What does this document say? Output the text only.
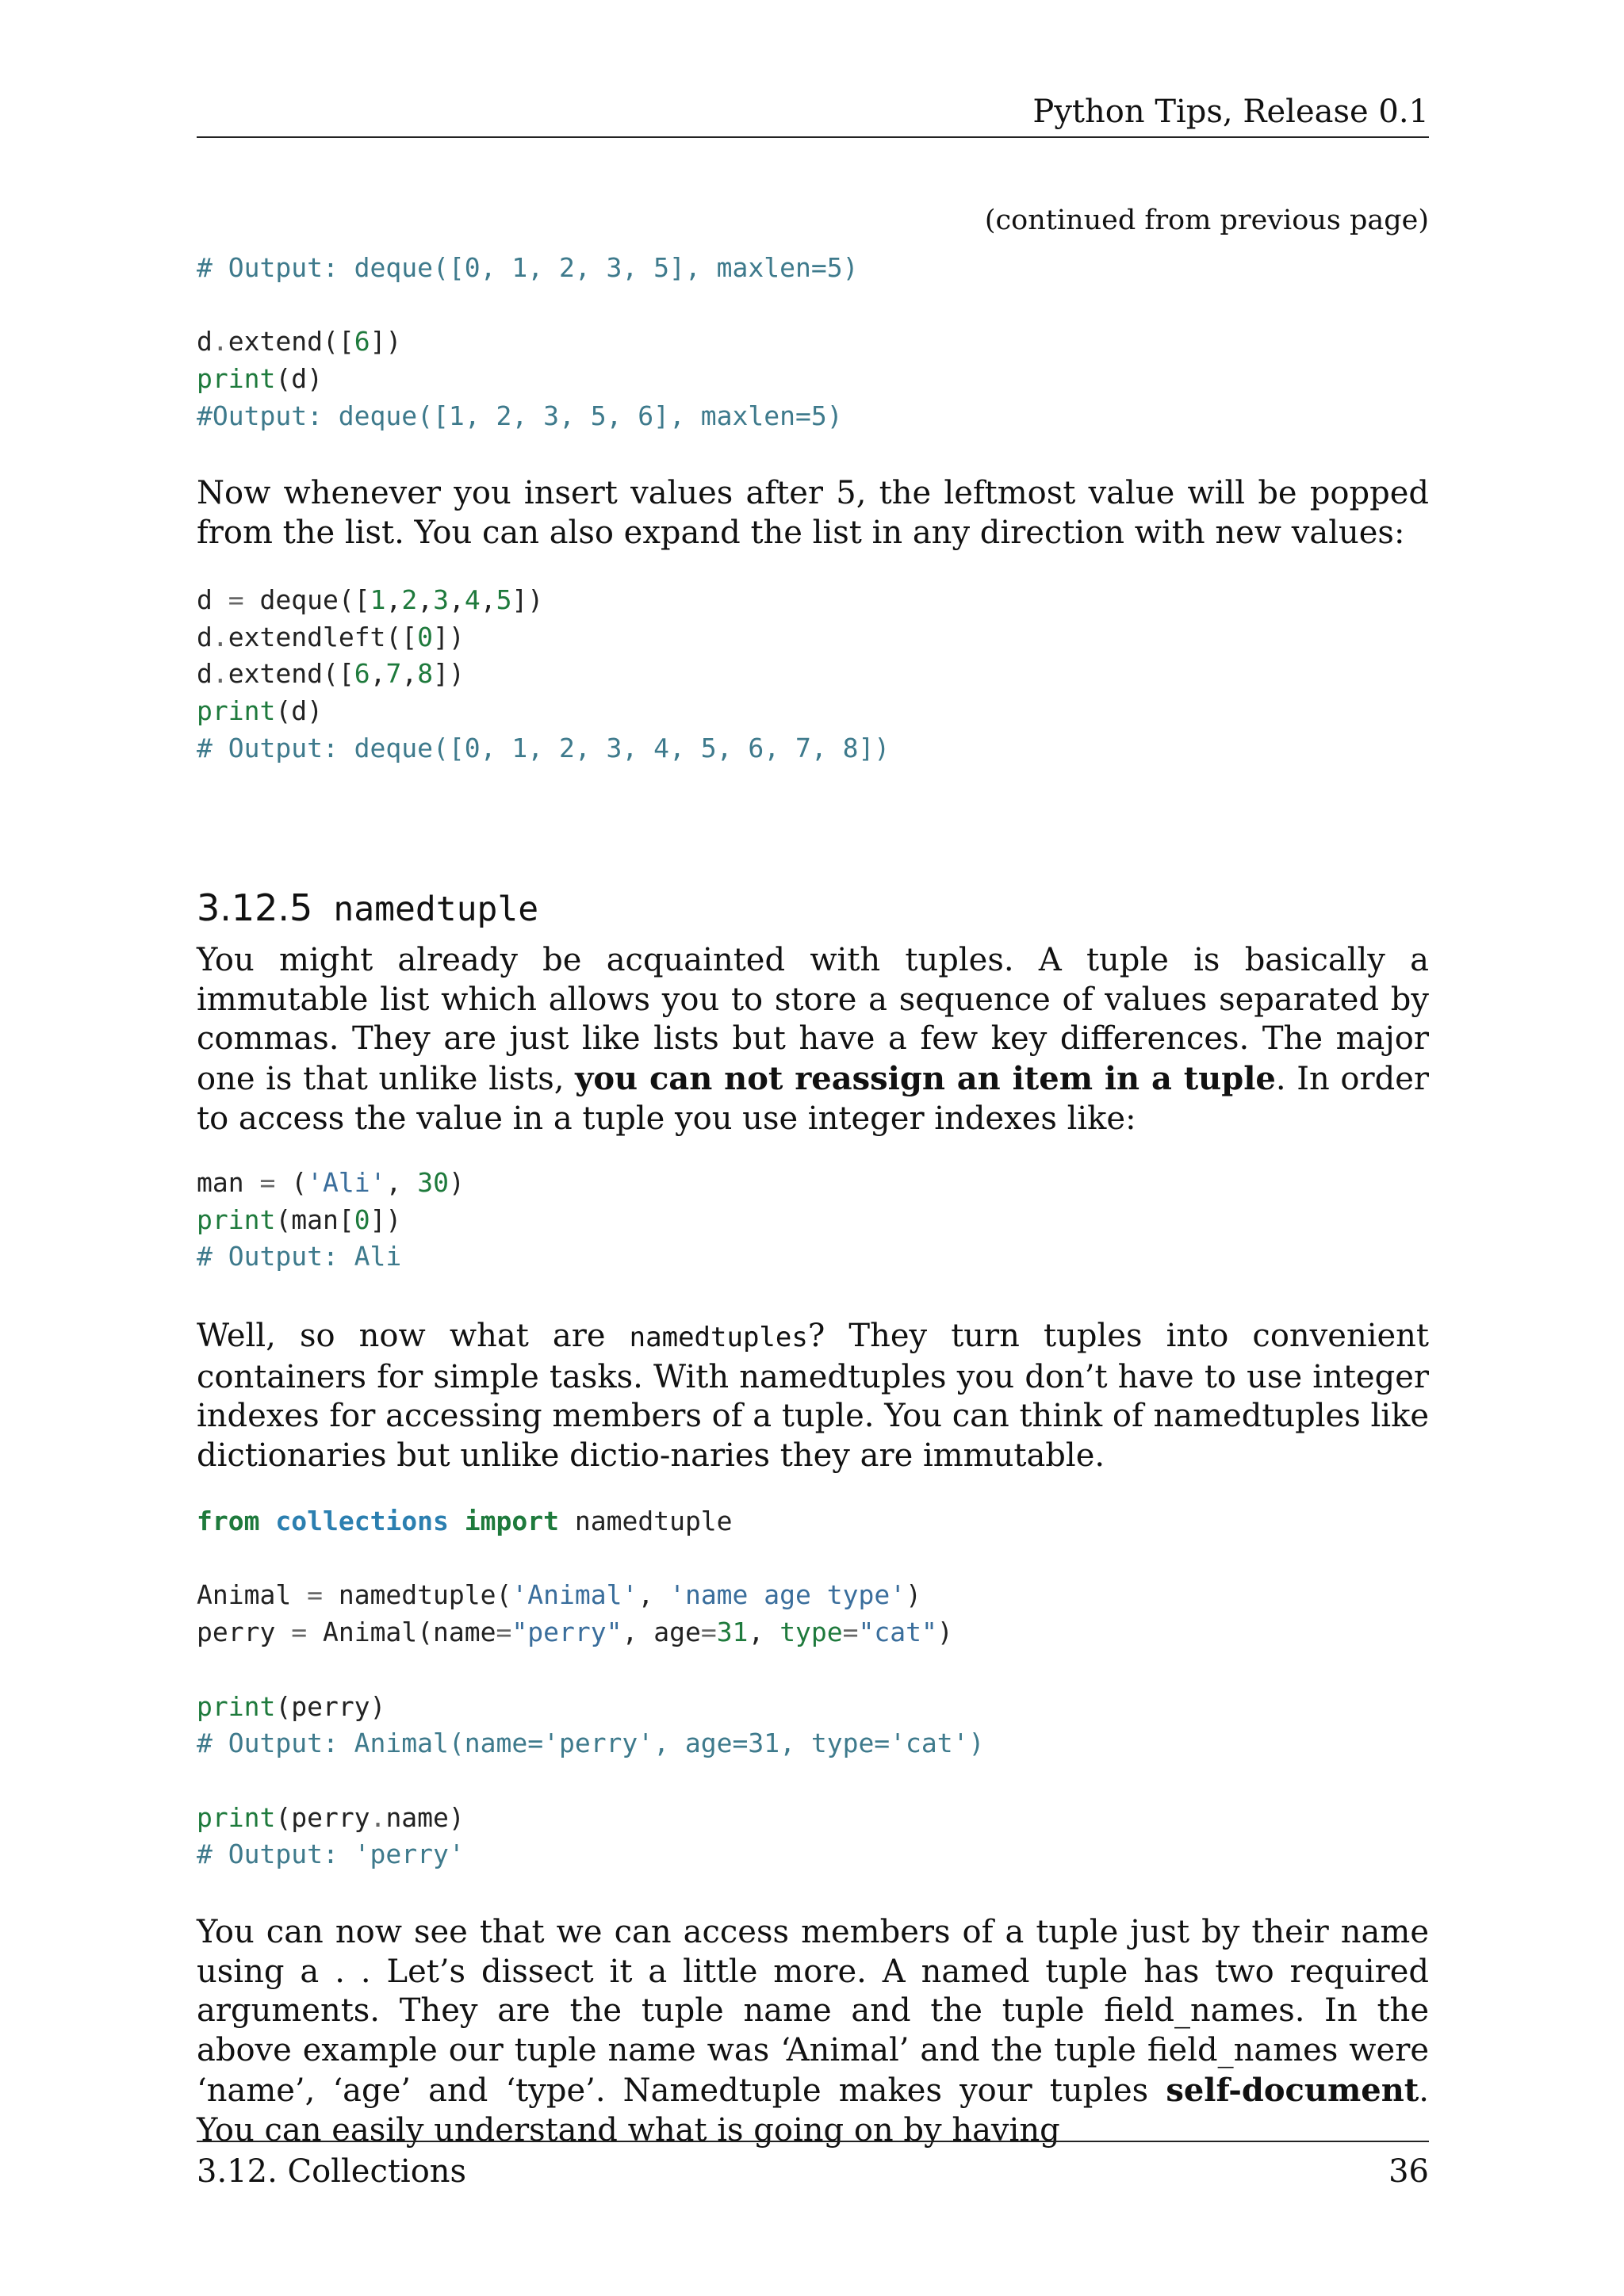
Python Tips, Release 0.1
(continued from previous page)
# Output: deque([0, 1, 2, 3, 5], maxlen=5)

d.extend([6])
print(d)
#Output: deque([1, 2, 3, 5, 6], maxlen=5)

Now whenever you insert values after 5, the leftmost value will be popped from the list. You can also expand the list in any direction with new values:

d = deque([1,2,3,4,5])
d.extendleft([0])
d.extend([6,7,8])
print(d)
# Output: deque([0, 1, 2, 3, 4, 5, 6, 7, 8])
3.12.5 namedtuple

You might already be acquainted with tuples. A tuple is basically a immutable list which allows you to store a sequence of values separated by commas. They are just like lists but have a few key differences. The major one is that unlike lists, you can not reassign an item in a tuple. In order to access the value in a tuple you use integer indexes like:

man = ('Ali', 30)
print(man[0])
# Output: Ali

Well, so now what are namedtuples? They turn tuples into convenient containers for simple tasks. With namedtuples you don’t have to use integer indexes for accessing members of a tuple. You can think of namedtuples like dictionaries but unlike dictio-naries they are immutable.

from collections import namedtuple

Animal = namedtuple('Animal', 'name age type')
perry = Animal(name="perry", age=31, type="cat")

print(perry)
# Output: Animal(name='perry', age=31, type='cat')

print(perry.name)
# Output: 'perry'

You can now see that we can access members of a tuple just by their name using a . . Let’s dissect it a little more. A named tuple has two required arguments. They are the tuple name and the tuple field_names. In the above example our tuple name was ‘Animal’ and the tuple field_names were ‘name’, ‘age’ and ‘type’. Namedtuple makes your tuples self-document. You can easily understand what is going on by having

3.12. Collections	36
